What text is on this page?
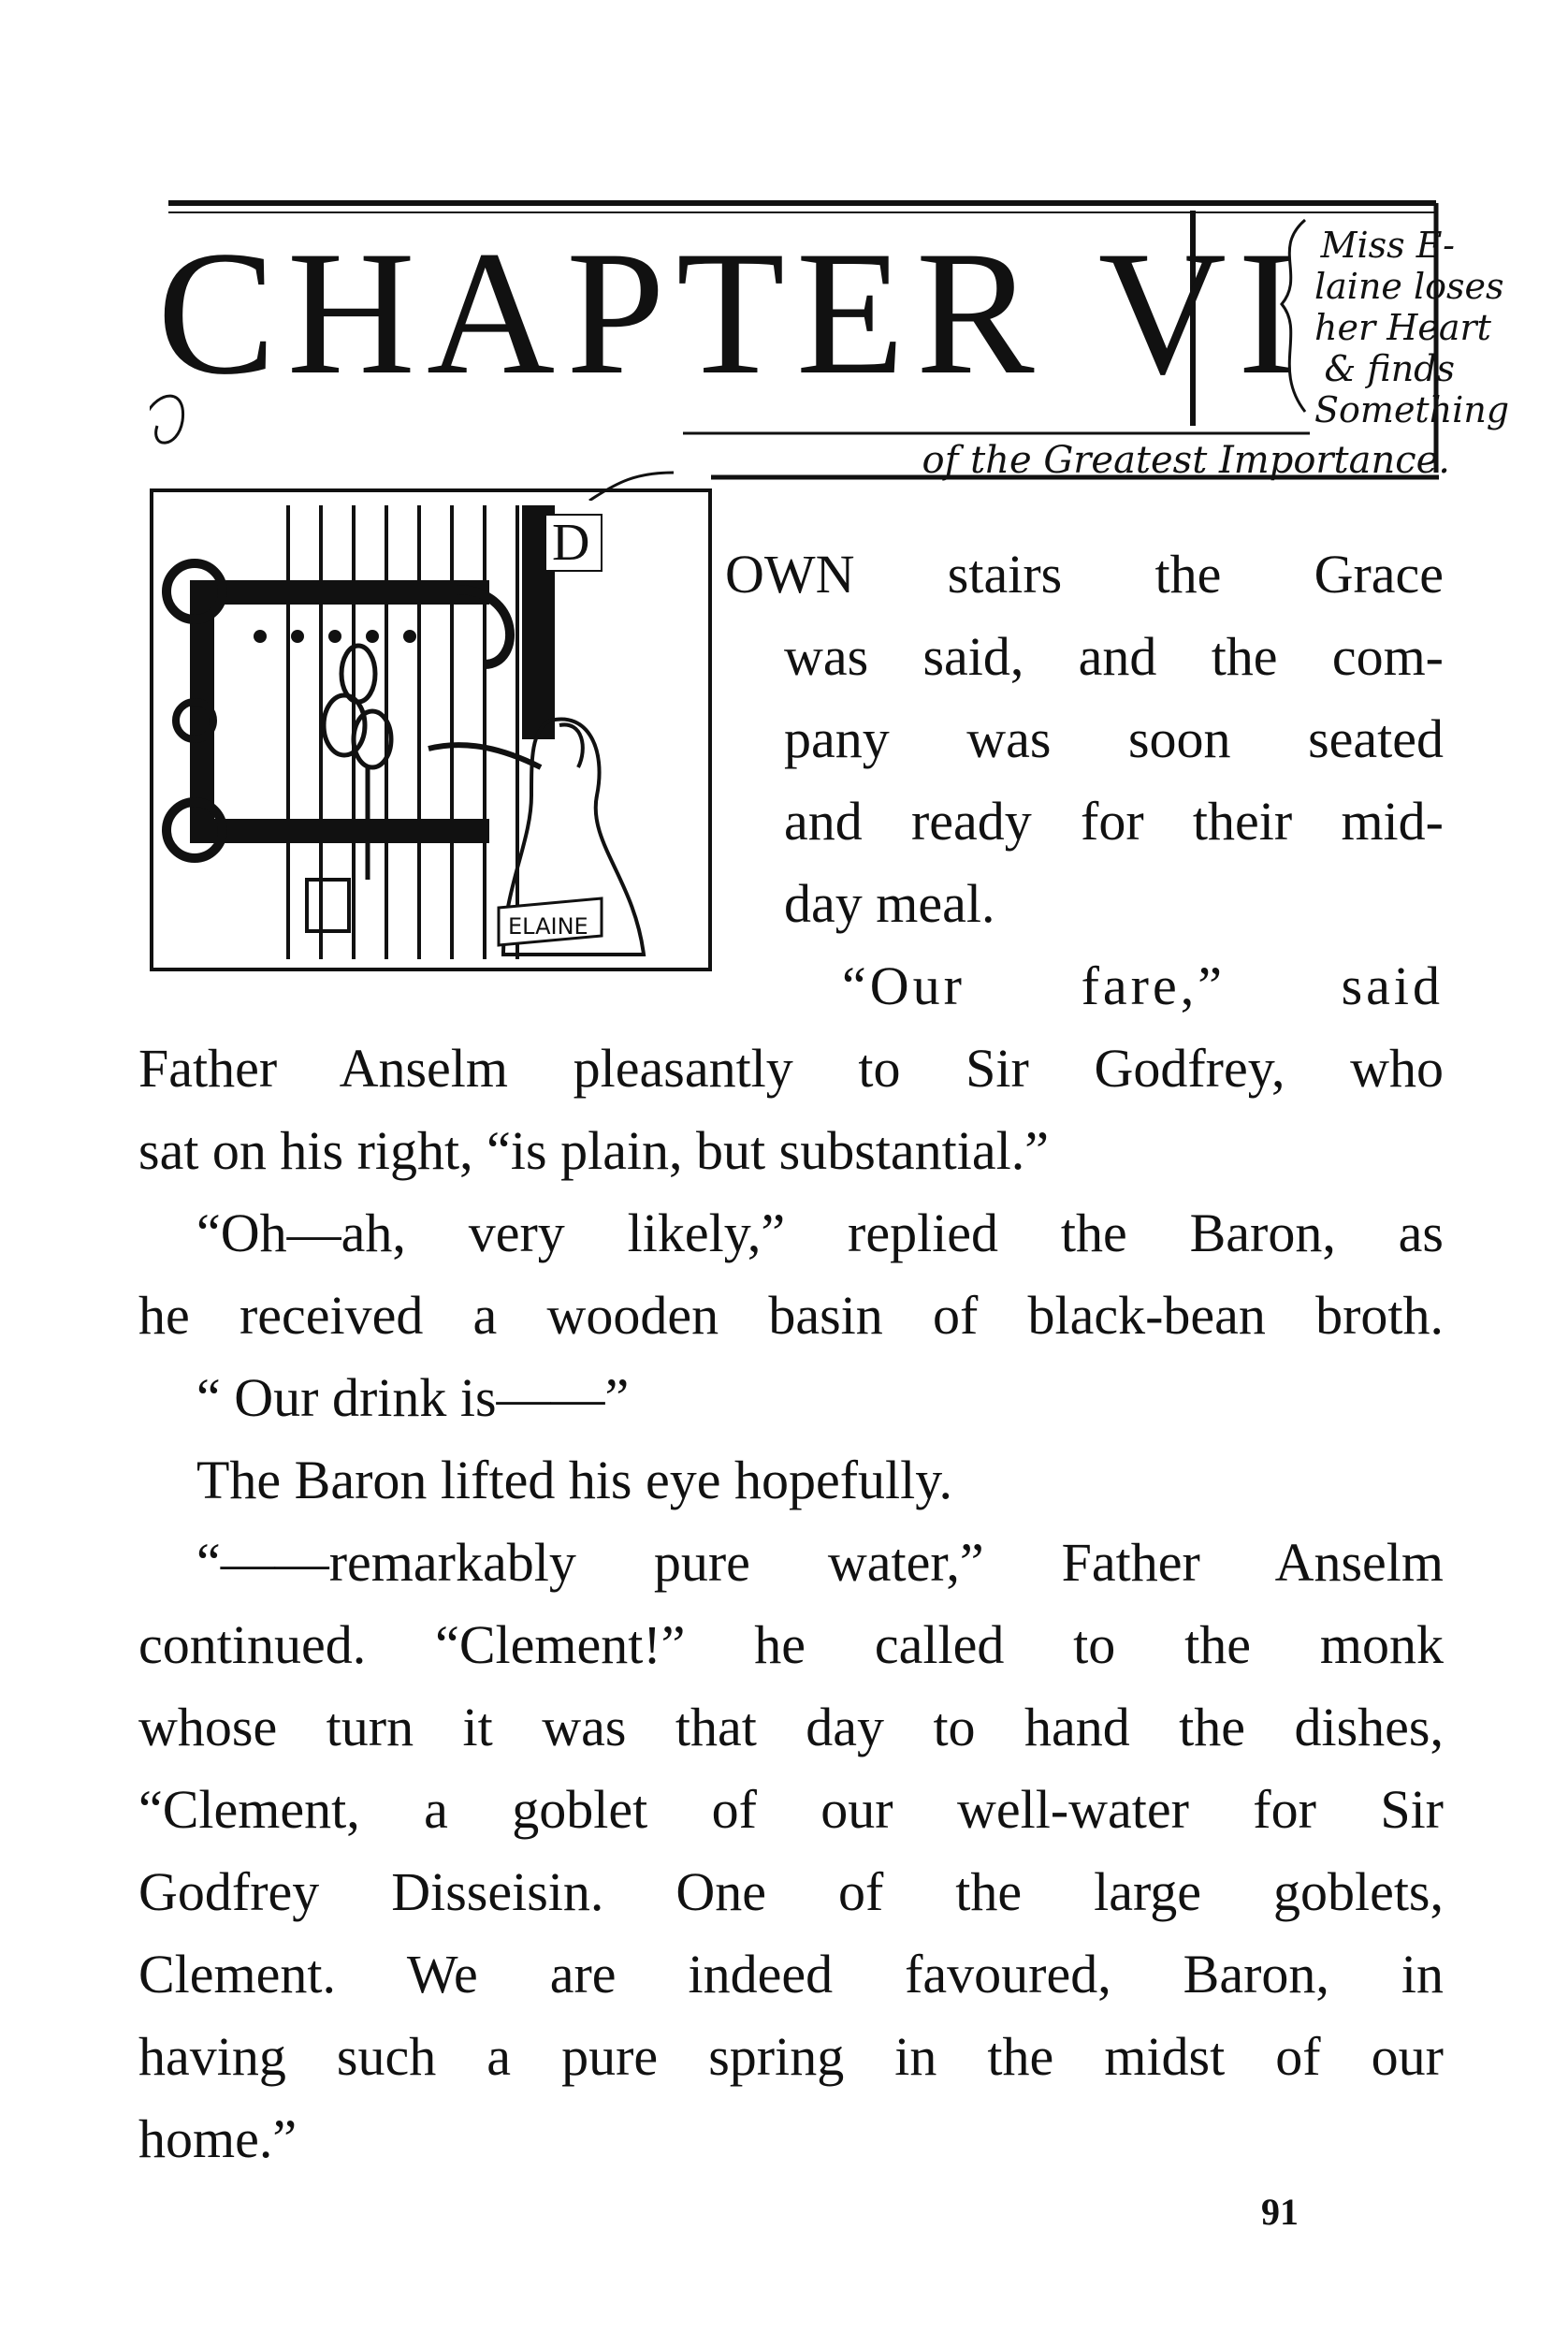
CHAPTER VI Miss E-
laine loses
her Heart
& finds
Something
of the Greatest Importance.
D
ELAINE
OWN stairs the Grace
was said, and the com-
pany was soon seated
and ready for their mid-
day meal.
“Our fare,” said
Father Anselm pleasantly to Sir Godfrey, who
sat on his right, “is plain, but substantial.”
“Oh—ah, very likely,” replied the Baron, as
he received a wooden basin of black-bean broth.
“ Our drink is——”
The Baron lifted his eye hopefully.
“——remarkably pure water,” Father Anselm
continued. “Clement!” he called to the monk
whose turn it was that day to hand the dishes,
“Clement, a goblet of our well-water for Sir
Godfrey Disseisin. One of the large goblets,
Clement. We are indeed favoured, Baron, in
having such a pure spring in the midst of our
home.”
91
